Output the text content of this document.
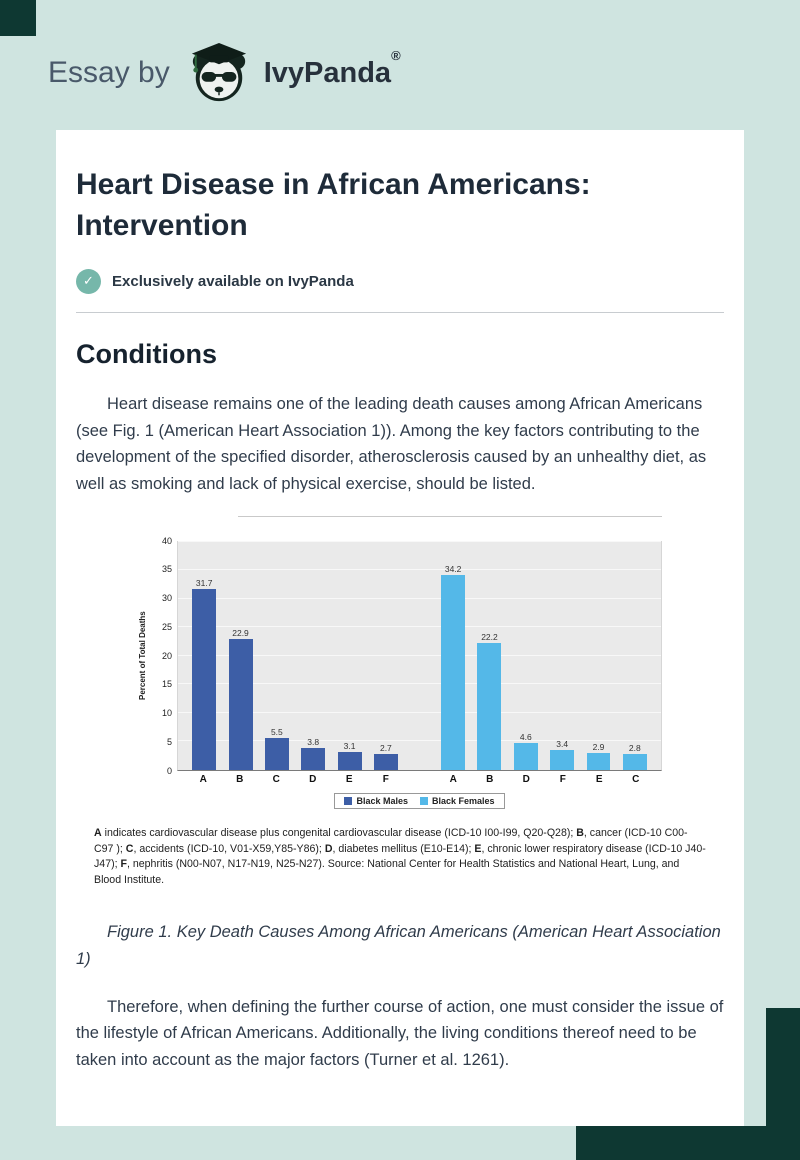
Essay by	IvyPanda®
Heart Disease in African Americans: Intervention
✓	Exclusively available on IvyPanda
Conditions

Heart disease remains one of the leading death causes among African Americans (see Fig. 1 (American Heart Association 1)). Among the key factors contributing to the development of the specified disorder, atherosclerosis caused by an unhealthy diet, as well as smoking and lack of physical exercise, should be listed.

Percent of Total Deaths
0
5
10
15
20
25
30
35
40
31.7
22.9
5.5
3.8	3.1	2.7
34.2
22.2
4.6
3.4	2.9	2.8
A	B	C	D	E	F	A	B	D	F	E	C
Black Males	Black Females

A indicates cardiovascular disease plus congenital cardiovascular disease (ICD-10 I00-I99, Q20-Q28); B, cancer (ICD-10 C00-C97 ); C, accidents (ICD-10, V01-X59,Y85-Y86); D, diabetes mellitus (E10-E14); E, chronic lower respiratory disease (ICD-10 J40-J47); F, nephritis (N00-N07, N17-N19, N25-N27). Source: National Center for Health Statistics and National Heart, Lung, and Blood Institute.

Figure 1. Key Death Causes Among African Americans (American Heart Association 1)

Therefore, when defining the further course of action, one must consider the issue of the lifestyle of African Americans. Additionally, the living conditions thereof need to be taken into account as the major factors (Turner et al. 1261).
